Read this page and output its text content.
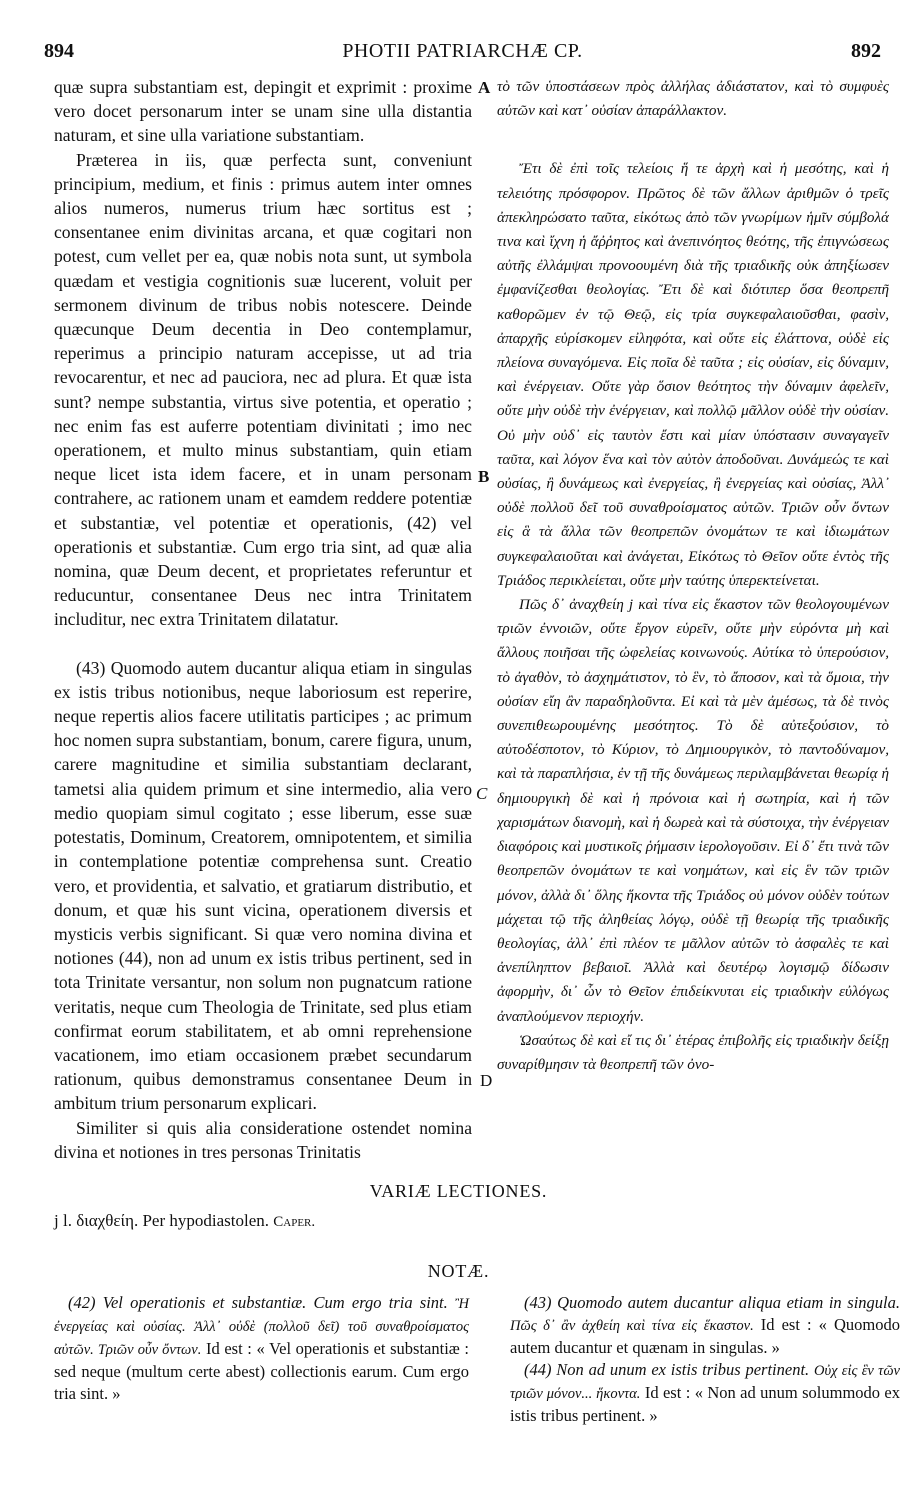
894	PHOTII PATRIARCHÆ CP.	892

quæ supra substantiam est, depingit et exprimit : proxime vero docet personarum inter se unam sine ulla distantia naturam, et sine ulla variatione substantiam.

Præterea in iis, quæ perfecta sunt, conveniunt principium, medium, et finis : primus autem inter omnes alios numeros, numerus trium hæc sortitus est ; consentanee enim divinitas arcana, et quæ cogitari non potest, cum vellet per ea, quæ nobis nota sunt, ut symbola quædam et vestigia cognitionis suæ lucerent, voluit per sermonem divinum de tribus nobis notescere. Deinde quæcunque Deum decentia in Deo contemplamur, reperimus a principio naturam accepisse, ut ad tria revocarentur, et nec ad pauciora, nec ad plura. Et quæ ista sunt? nempe substantia, virtus sive potentia, et operatio ; nec enim fas est auferre potentiam divinitati ; imo nec operationem, et multo minus substantiam, quin etiam neque licet ista idem facere, et in unam personam contrahere, ac rationem unam et eamdem reddere potentiæ et substantiæ, vel potentiæ et operationis, (42) vel operationis et substantiæ. Cum ergo tria sint, ad quæ alia nomina, quæ Deum decent, et proprietates referuntur et reducuntur, consentanee Deus nec intra Trinitatem includitur, nec extra Trinitatem dilatatur.

(43) Quomodo autem ducantur aliqua etiam in singulas ex istis tribus notionibus, neque laboriosum est reperire, neque repertis alios facere utilitatis participes ; ac primum hoc nomen supra substantiam, bonum, carere figura, unum, carere magnitudine et similia substantiam declarant, tametsi alia quidem primum et sine intermedio, alia vero medio quopiam simul cogitato ; esse liberum, esse suæ potestatis, Dominum, Creatorem, omnipotentem, et similia in contemplatione potentiæ comprehensa sunt. Creatio vero, et providentia, et salvatio, et gratiarum distributio, et donum, et quæ his sunt vicina, operationem diversis et mysticis verbis significant. Si quæ vero nomina divina et notiones (44), non ad unum ex istis tribus pertinent, sed in tota Trinitate versantur, non solum non pugnatcum ratione veritatis, neque cum Theologia de Trinitate, sed plus etiam confirmat eorum stabilitatem, et ab omni reprehensione vacationem, imo etiam occasionem præbet secundarum rationum, quibus demonstramus consentanee Deum in ambitum trium personarum explicari.

Similiter si quis alia consideratione ostendet nomina divina et notiones in tres personas Trinitatis

τὸ τῶν ὑποστάσεων πρὸς ἀλλήλας ἀδιάστατον, καὶ τὸ συμφυὲς αὐτῶν καὶ κατ᾽ οὐσίαν ἀπαράλλακτον.

Ἔτι δὲ ἐπὶ τοῖς τελείοις ἥ τε ἀρχὴ καὶ ἡ μεσότης, καὶ ἡ τελειότης πρόσφορον. Πρῶτος δὲ τῶν ἄλλων ἀριθμῶν ὁ τρεῖς ἀπεκληρώσατο ταῦτα, εἰκότως ἀπὸ τῶν γνωρίμων ἡμῖν σύμβολά τινα καὶ ἴχνη ἡ ἄῤῥητος καὶ ἀνεπινόητος θεότης, τῆς ἐπιγνώσεως αὐτῆς ἐλλάμψαι προνοουμένη διὰ τῆς τριαδικῆς οὐκ ἀπηξίωσεν ἐμφανίζεσθαι θεολογίας. Ἔτι δὲ καὶ διότιπερ ὅσα θεοπρεπῆ καθορῶμεν ἐν τῷ Θεῷ, εἰς τρία συγκεφαλαιοῦσθαι, φασὶν, ἀπαρχῆς εὑρίσκομεν εἰληφότα, καὶ οὔτε εἰς ἐλάττονα, οὐδὲ εἰς πλείονα συναγόμενα. Εἰς ποῖα δὲ ταῦτα ; εἰς οὐσίαν, εἰς δύναμιν, καὶ ἐνέργειαν. Οὔτε γὰρ ὅσιον θεότητος τὴν δύναμιν ἀφελεῖν, οὔτε μὴν οὐδὲ τὴν ἐνέργειαν, καὶ πολλῷ μᾶλλον οὐδὲ τὴν οὐσίαν. Οὐ μὴν οὐδ᾽ εἰς ταυτὸν ἔστι καὶ μίαν ὑπόστασιν συναγαγεῖν ταῦτα, καὶ λόγον ἕνα καὶ τὸν αὐτὸν ἀποδοῦναι. Δυνάμεώς τε καὶ οὐσίας, ἢ δυνάμεως καὶ ἐνεργείας, ἢ ἐνεργείας καὶ οὐσίας, Ἀλλ᾽ οὐδὲ πολλοῦ δεῖ τοῦ συναθροίσματος αὐτῶν. Τριῶν οὖν ὄντων εἰς ἃ τὰ ἄλλα τῶν θεοπρεπῶν ὀνομάτων τε καὶ ἰδιωμάτων συγκεφαλαιοῦται καὶ ἀνάγεται, Εἰκότως τὸ Θεῖον οὔτε ἐντὸς τῆς Τριάδος περικλείεται, οὔτε μὴν ταύτης ὑπερεκτείνεται.

Πῶς δ᾽ ἀναχθείη j καὶ τίνα εἰς ἕκαστον τῶν θεολογουμένων τριῶν ἐννοιῶν, οὔτε ἔργον εὑρεῖν, οὔτε μὴν εὑρόντα μὴ καὶ ἄλλους ποιῆσαι τῆς ὠφελείας κοινωνούς. Αὐτίκα τὸ ὑπερούσιον, τὸ ἀγαθὸν, τὸ ἀσχημάτιστον, τὸ ἓν, τὸ ἄποσον, καὶ τὰ ὅμοια, τὴν οὐσίαν εἴη ἂν παραδηλοῦντα. Εἰ καὶ τὰ μὲν ἀμέσως, τὰ δὲ τινὸς συνεπιθεωρουμένης μεσότητος. Τὸ δὲ αὐτεξούσιον, τὸ αὐτοδέσποτον, τὸ Κύριον, τὸ Δημιουργικὸν, τὸ παντοδύναμον, καὶ τὰ παραπλήσια, ἐν τῇ τῆς δυνάμεως περιλαμβάνεται θεωρίᾳ ἡ δημιουργικὴ δὲ καὶ ἡ πρόνοια καὶ ἡ σωτηρία, καὶ ἡ τῶν χαρισμάτων διανομὴ, καὶ ἡ δωρεὰ καὶ τὰ σύστοιχα, τὴν ἐνέργειαν διαφόροις καὶ μυστικοῖς ῥήμασιν ἱερολογοῦσιν. Εἰ δ᾽ ἔτι τινὰ τῶν θεοπρεπῶν ὀνομάτων τε καὶ νοημάτων, καὶ εἰς ἓν τῶν τριῶν μόνον, ἀλλὰ δι᾽ ὅλης ἥκοντα τῆς Τριάδος οὐ μόνον οὐδὲν τούτων μάχεται τῷ τῆς ἀληθείας λόγῳ, οὐδὲ τῇ θεωρίᾳ τῆς τριαδικῆς θεολογίας, ἀλλ᾽ ἐπὶ πλέον τε μᾶλλον αὐτῶν τὸ ἀσφαλὲς τε καὶ ἀνεπίληπτον βεβαιοῖ. Ἀλλὰ καὶ δευτέρῳ λογισμῷ δίδωσιν ἀφορμὴν, δι᾽ ὧν τὸ Θεῖον ἐπιδείκνυται εἰς τριαδικὴν εὐλόγως ἀναπλούμενον περιοχήν.

Ὡσαύτως δὲ καὶ εἴ τις δι᾽ ἑτέρας ἐπιβολῆς εἰς τριαδικὴν δείξῃ συναρίθμησιν τὰ θεοπρεπῆ τῶν ὀνο-

A
B
C
D
VARIÆ LECTIONES.
j l. διαχθείη. Per hypodiastolen. Caper.
NOTÆ.

(42) Vel operationis et substantiæ. Cum ergo tria sint. Ἢ ἐνεργείας καὶ οὐσίας. Ἀλλ᾽ οὐδὲ (πολλοῦ δεῖ) τοῦ συναθροίσματος αὐτῶν. Τριῶν οὖν ὄντων. Id est : « Vel operationis et substantiæ : sed neque (multum certe abest) collectionis earum. Cum ergo tria sint. »

(43) Quomodo autem ducantur aliqua etiam in singula. Πῶς δ᾽ ἂν ἀχθείη καὶ τίνα εἰς ἕκαστον. Id est : « Quomodo autem ducantur et quænam in singulas. »

(44) Non ad unum ex istis tribus pertinent. Οὐχ εἰς ἓν τῶν τριῶν μόνον... ἥκοντα. Id est : « Non ad unum solummodo ex istis tribus pertinent. »
